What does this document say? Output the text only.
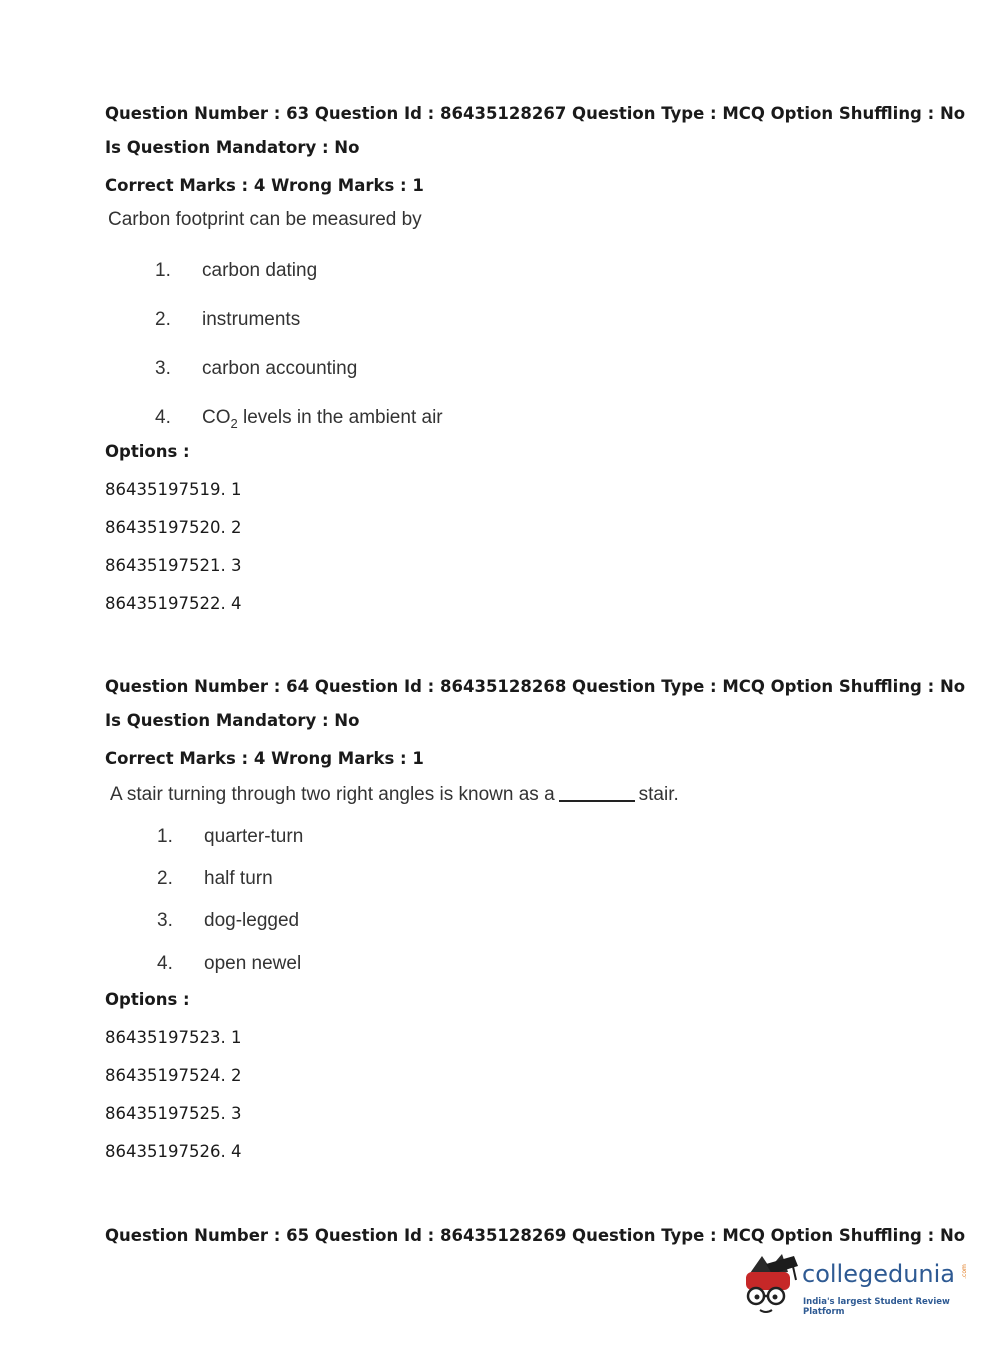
Question Number : 63 Question Id : 86435128267 Question Type : MCQ Option Shuffling : No
Is Question Mandatory : No
Correct Marks : 4 Wrong Marks : 1
Carbon footprint can be measured by
1. carbon dating
2. instruments
3. carbon accounting
4. $CO_2$ levels in the ambient air
Options :
86435197519. 1
86435197520. 2
86435197521. 3
86435197522. 4
Question Number : 64 Question Id : 86435128268 Question Type : MCQ Option Shuffling : No
Is Question Mandatory : No
Correct Marks : 4 Wrong Marks : 1
A stair turning through two right angles is known as a	stair.
1. quarter-turn
2. half turn
3. dog-legged
4. open newel
Options :
86435197523. 1
86435197524. 2
86435197525. 3
86435197526. 4
Question Number : 65 Question Id : 86435128269 Question Type : MCQ Option Shuffling : No
collegedunia .com
India's largest Student Review Platform
